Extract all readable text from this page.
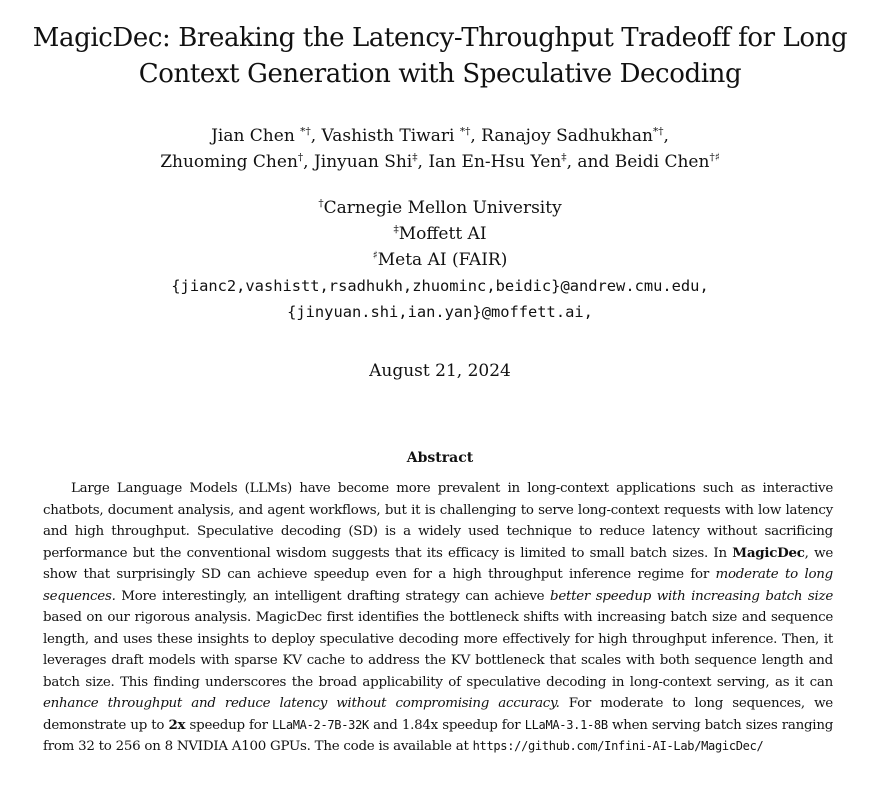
MagicDec: Breaking the Latency-Throughput Tradeoff for Long
Context Generation with Speculative Decoding
Jian Chen *†, Vashisth Tiwari *†, Ranajoy Sadhukhan*†,
Zhuoming Chen†, Jinyuan Shi‡, Ian En-Hsu Yen‡, and Beidi Chen†♯
†Carnegie Mellon University
‡Moffett AI
♯Meta AI (FAIR)
{jianc2,vashistt,rsadhukh,zhuominc,beidic}@andrew.cmu.edu,
{jinyuan.shi,ian.yan}@moffett.ai,
August 21, 2024
Abstract

Large Language Models (LLMs) have become more prevalent in long-context applications such as interactive chatbots, document analysis, and agent workflows, but it is challenging to serve long-context requests with low latency and high throughput. Speculative decoding (SD) is a widely used technique to reduce latency without sacrificing performance but the conventional wisdom suggests that its efficacy is limited to small batch sizes. In MagicDec, we show that surprisingly SD can achieve speedup even for a high throughput inference regime for moderate to long sequences. More interestingly, an intelligent drafting strategy can achieve better speedup with increasing batch size based on our rigorous analysis. MagicDec first identifies the bottleneck shifts with increasing batch size and sequence length, and uses these insights to deploy speculative decoding more effectively for high throughput inference. Then, it leverages draft models with sparse KV cache to address the KV bottleneck that scales with both sequence length and batch size. This finding underscores the broad applicability of speculative decoding in long-context serving, as it can enhance throughput and reduce latency without compromising accuracy. For moderate to long sequences, we demonstrate up to 2x speedup for LLaMA-2-7B-32K and 1.84x speedup for LLaMA-3.1-8B when serving batch sizes ranging from 32 to 256 on 8 NVIDIA A100 GPUs. The code is available at https://github.com/Infini-AI-Lab/MagicDec/
